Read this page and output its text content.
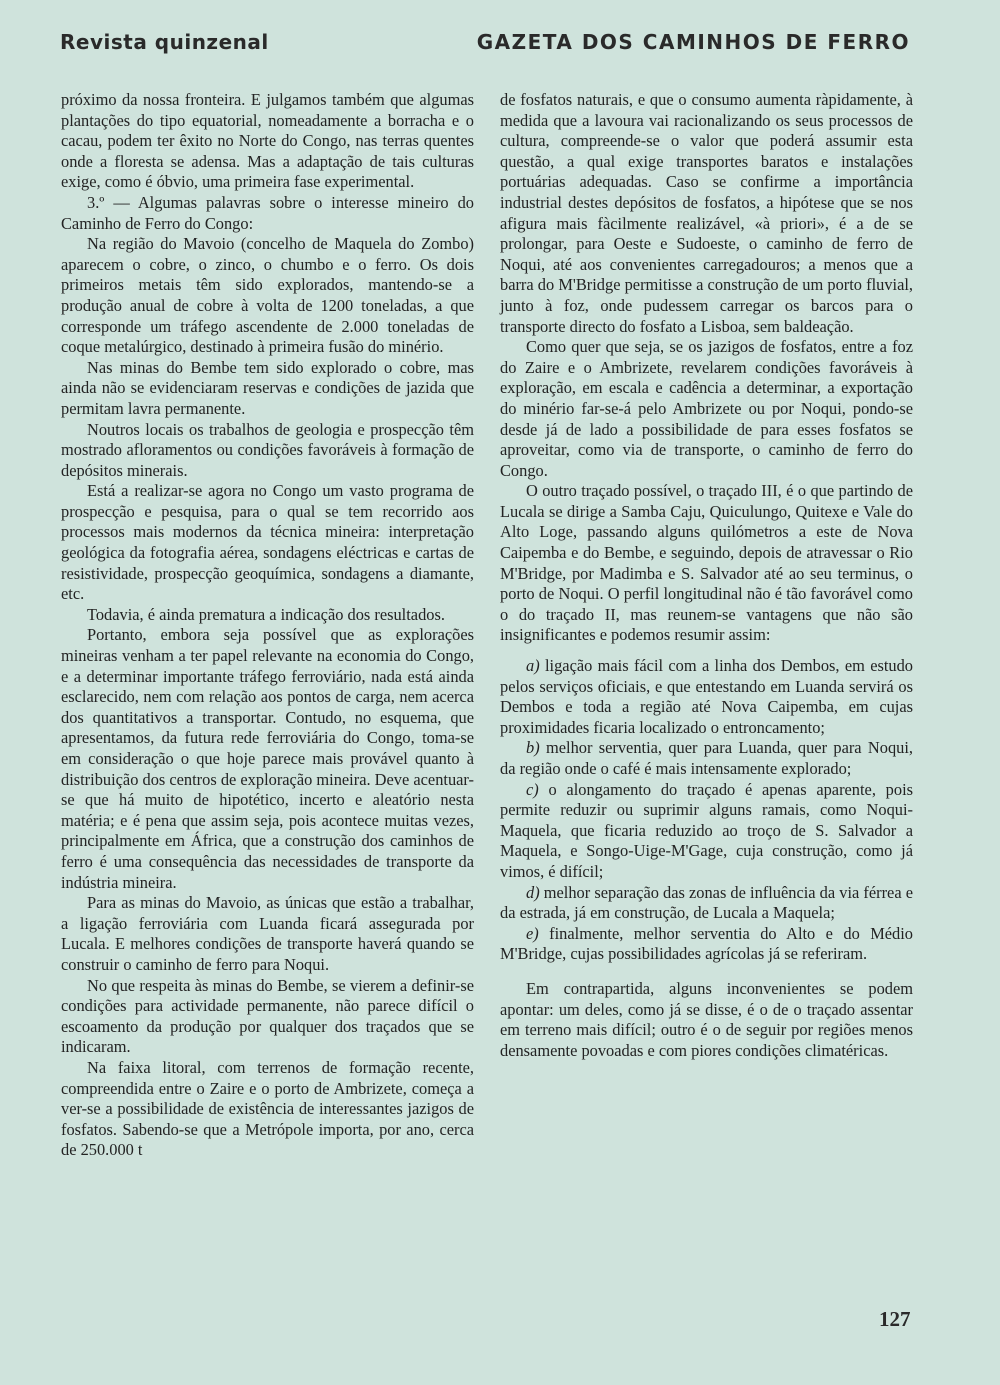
Revista quinzenal	GAZETA DOS CAMINHOS DE FERRO

próximo da nossa fronteira. E julgamos também que algumas plantações do tipo equatorial, nomeadamente a borracha e o cacau, podem ter êxito no Norte do Congo, nas terras quentes onde a floresta se adensa. Mas a adaptação de tais culturas exige, como é óbvio, uma primeira fase experimental.

3.º — Algumas palavras sobre o interesse mineiro do Caminho de Ferro do Congo:

Na região do Mavoio (concelho de Maquela do Zombo) aparecem o cobre, o zinco, o chumbo e o ferro. Os dois primeiros metais têm sido explorados, mantendo-se a produção anual de cobre à volta de 1200 toneladas, a que corresponde um tráfego ascendente de 2.000 toneladas de coque metalúrgico, destinado à primeira fusão do minério.

Nas minas do Bembe tem sido explorado o cobre, mas ainda não se evidenciaram reservas e condições de jazida que permitam lavra permanente.

Noutros locais os trabalhos de geologia e prospecção têm mostrado afloramentos ou condições favoráveis à formação de depósitos minerais.

Está a realizar-se agora no Congo um vasto programa de prospecção e pesquisa, para o qual se tem recorrido aos processos mais modernos da técnica mineira: interpretação geológica da fotografia aérea, sondagens eléctricas e cartas de resistividade, prospecção geoquímica, sondagens a diamante, etc.

Todavia, é ainda prematura a indicação dos resultados.

Portanto, embora seja possível que as explorações mineiras venham a ter papel relevante na economia do Congo, e a determinar importante tráfego ferroviário, nada está ainda esclarecido, nem com relação aos pontos de carga, nem acerca dos quantitativos a transportar. Contudo, no esquema, que apresentamos, da futura rede ferroviária do Congo, toma-se em consideração o que hoje parece mais provável quanto à distribuição dos centros de exploração mineira. Deve acentuar-se que há muito de hipotético, incerto e aleatório nesta matéria; e é pena que assim seja, pois acontece muitas vezes, principalmente em África, que a construção dos caminhos de ferro é uma consequência das necessidades de transporte da indústria mineira.

Para as minas do Mavoio, as únicas que estão a trabalhar, a ligação ferroviária com Luanda ficará assegurada por Lucala. E melhores condições de transporte haverá quando se construir o caminho de ferro para Noqui.

No que respeita às minas do Bembe, se vierem a definir-se condições para actividade permanente, não parece difícil o escoamento da produção por qualquer dos traçados que se indicaram.

Na faixa litoral, com terrenos de formação recente, compreendida entre o Zaire e o porto de Ambrizete, começa a ver-se a possibilidade de existência de interessantes jazigos de fosfatos. Sabendo-se que a Metrópole importa, por ano, cerca de 250.000 t

de fosfatos naturais, e que o consumo aumenta ràpidamente, à medida que a lavoura vai racionalizando os seus processos de cultura, compreende-se o valor que poderá assumir esta questão, a qual exige transportes baratos e instalações portuárias adequadas. Caso se confirme a importância industrial destes depósitos de fosfatos, a hipótese que se nos afigura mais fàcilmente realizável, «à priori», é a de se prolongar, para Oeste e Sudoeste, o caminho de ferro de Noqui, até aos convenientes carregadouros; a menos que a barra do M'Bridge permitisse a construção de um porto fluvial, junto à foz, onde pudessem carregar os barcos para o transporte directo do fosfato a Lisboa, sem baldeação.

Como quer que seja, se os jazigos de fosfatos, entre a foz do Zaire e o Ambrizete, revelarem condições favoráveis à exploração, em escala e cadência a determinar, a exportação do minério far-se-á pelo Ambrizete ou por Noqui, pondo-se desde já de lado a possibilidade de para esses fosfatos se aproveitar, como via de transporte, o caminho de ferro do Congo.

O outro traçado possível, o traçado III, é o que partindo de Lucala se dirige a Samba Caju, Quiculungo, Quitexe e Vale do Alto Loge, passando alguns quilómetros a este de Nova Caipemba e do Bembe, e seguindo, depois de atravessar o Rio M'Bridge, por Madimba e S. Salvador até ao seu terminus, o porto de Noqui. O perfil longitudinal não é tão favorável como o do traçado II, mas reunem-se vantagens que não são insignificantes e podemos resumir assim:

a) ligação mais fácil com a linha dos Dembos, em estudo pelos serviços oficiais, e que entestando em Luanda servirá os Dembos e toda a região até Nova Caipemba, em cujas proximidades ficaria localizado o entroncamento;

b) melhor serventia, quer para Luanda, quer para Noqui, da região onde o café é mais intensamente explorado;

c) o alongamento do traçado é apenas aparente, pois permite reduzir ou suprimir alguns ramais, como Noqui-Maquela, que ficaria reduzido ao troço de S. Salvador a Maquela, e Songo-Uige-M'Gage, cuja construção, como já vimos, é difícil;

d) melhor separação das zonas de influência da via férrea e da estrada, já em construção, de Lucala a Maquela;

e) finalmente, melhor serventia do Alto e do Médio M'Bridge, cujas possibilidades agrícolas já se referiram.

Em contrapartida, alguns inconvenientes se podem apontar: um deles, como já se disse, é o de o traçado assentar em terreno mais difícil; outro é o de seguir por regiões menos densamente povoadas e com piores condições climatéricas.

127
